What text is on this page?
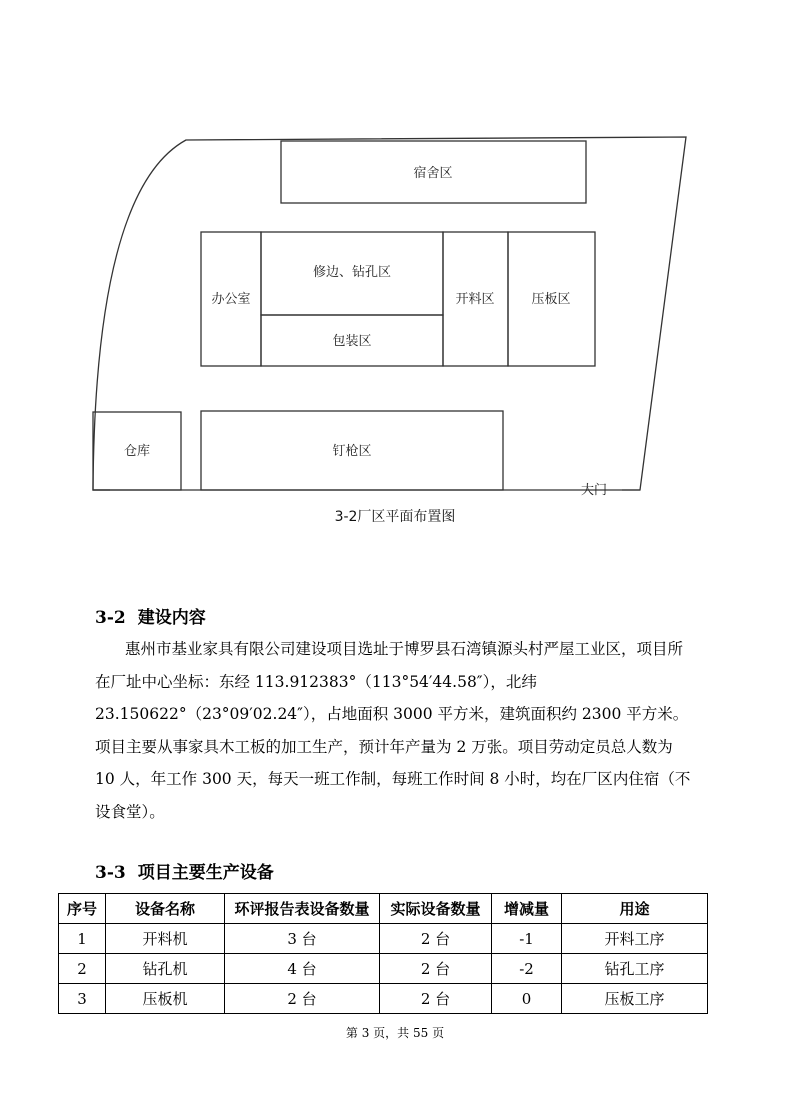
宿舍区
修边、钻孔区
办公室	开料区	压板区
包装区
仓库	钉枪区
大门
3-2厂区平面布置图
3-2 建设内容
惠州市基业家具有限公司建设项目选址于博罗县石湾镇源头村严屋工业区，项目所在厂址中心坐标：东经 113.912383°（113°54′44.58″），北纬 23.150622°（23°09′02.24″），占地面积 3000 平方米，建筑面积约 2300 平方米。项目主要从事家具木工板的加工生产，预计年产量为 2 万张。项目劳动定员总人数为 10 人，年工作 300 天，每天一班工作制，每班工作时间 8 小时，均在厂区内住宿（不设食堂）。
3-3 项目主要生产设备
序号	设备名称	环评报告表设备数量	实际设备数量	增减量	用途
1	开料机	3 台	2 台	-1	开料工序
2	钻孔机	4 台	2 台	-2	钻孔工序
3	压板机	2 台	2 台	0	压板工序
第 3 页，共 55 页
